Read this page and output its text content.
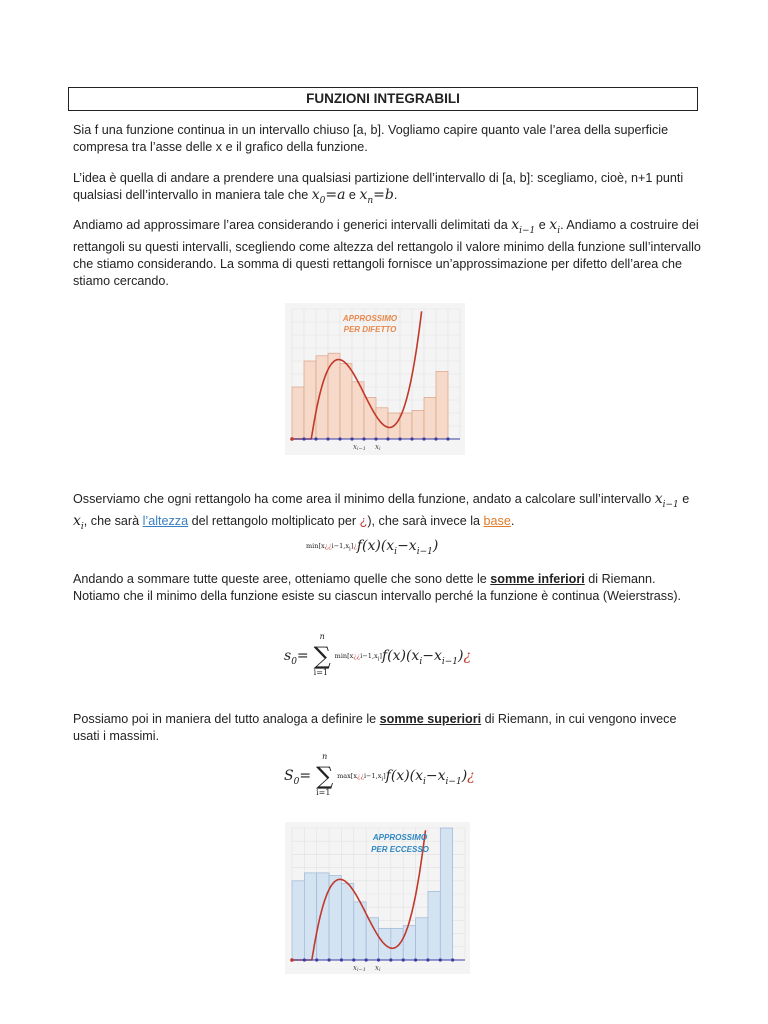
FUNZIONI INTEGRABILI

Sia f una funzione continua in un intervallo chiuso [a, b]. Vogliamo capire quanto vale l’area della superficie compresa tra l’asse delle x e il grafico della funzione.

L’idea è quella di andare a prendere una qualsiasi partizione dell’intervallo di [a, b]: scegliamo, cioè, n+1 punti qualsiasi dell’intervallo in maniera tale che $x_0=a$ e $x_n=b$.

Andiamo ad approssimare l’area considerando i generici intervalli delimitati da $x_{i-1}$ e $x_i$. Andiamo a costruire dei rettangoli su questi intervalli, scegliendo come altezza del rettangolo il valore minimo della funzione sull’intervallo che stiamo considerando. La somma di questi rettangoli fornisce un’approssimazione per difetto dell’area che stiamo cercando.

APPROSSIMO
PER DIFETTO
xi−1 xi

Osserviamo che ogni rettangolo ha come area il minimo della funzione, andato a calcolare sull’intervallo $x_{i-1}$ e $x_i$, che sarà l’altezza del rettangolo moltiplicato per ¿), che sarà invece la base.

$\min[x¿¿i-1,x_i]¿f(x)(x_i-x_{i-1})$

Andando a sommare tutte queste aree, otteniamo quelle che sono dette le somme inferiori di Riemann. Notiamo che il minimo della funzione esiste su ciascun intervallo perché la funzione è continua (Weierstrass).

$s_0=$
n
∑
i=1
$\min[x¿¿i-1,x_i]f(x)(x_i-x_{i-1})¿$

Possiamo poi in maniera del tutto analoga a definire le somme superiori di Riemann, in cui vengono invece usati i massimi.

$S_0=$
n
∑
i=1
$\max[x¿¿i-1,x_i]f(x)(x_i-x_{i-1})¿$
APPROSSIMO
PER ECCESSO
xi−1 xi
